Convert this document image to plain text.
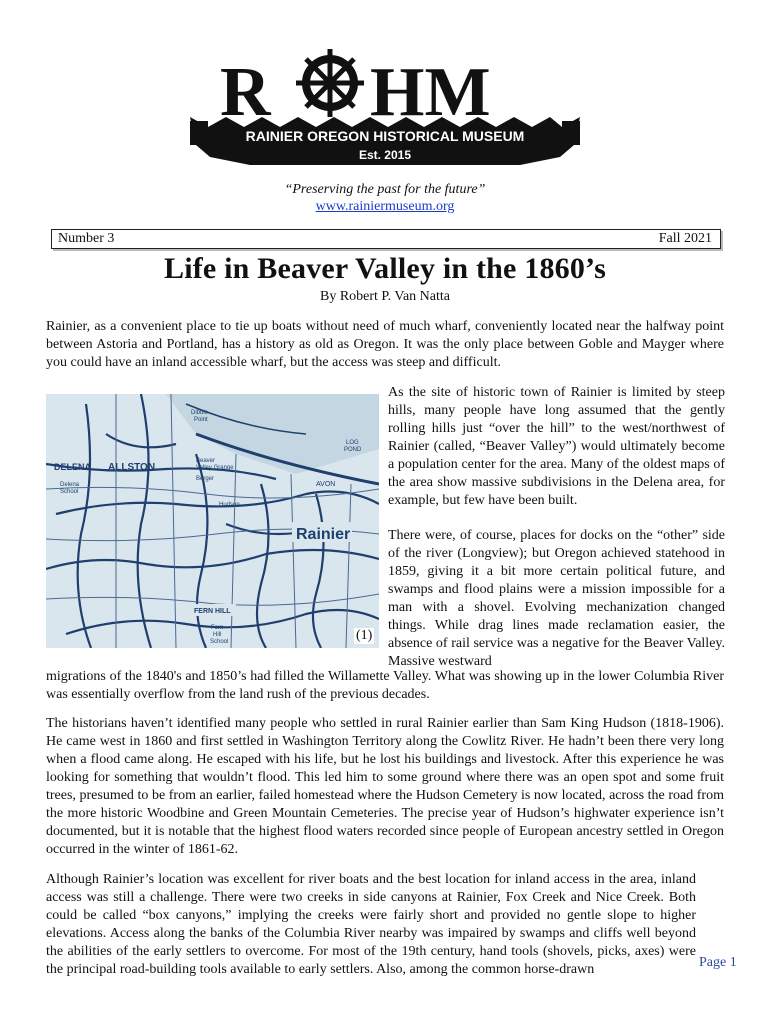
R HM
RAINIER OREGON HISTORICAL MUSEUM
Est. 2015
“Preserving the past for the future”
www.rainiermuseum.org
Number 3	Fall 2021
Life in Beaver Valley in the 1860’s
By Robert P. Van Natta

Rainier, as a convenient place to tie up boats without need of much wharf, conveniently located near the halfway point between Astoria and Portland, has a history as old as Oregon. It was the only place between Goble and Mayger where you could have an inland accessible wharf, but the access was steep and difficult.

As the site of historic town of Rainier is limited by steep hills, many people have long assumed that the gently rolling hills just “over the hill” to the west/northwest of Rainier (called, “Beaver Valley”) would ultimately become a population center for the area. Many of the oldest maps of the area show massive subdivisions in the Delena area, for example, but few have been built.

There were, of course, places for docks on the “other” side of the river (Longview); but Oregon achieved statehood in 1859, giving it a bit more certain political future, and swamps and flood plains were a mission impossible for a man with a shovel. Evolving mechanization changed things. While drag lines made reclamation easier, the absence of rail service was a negative for the Beaver Valley. Massive westward

migrations of the 1840's and 1850’s had filled the Willamette Valley. What was showing up in the lower Columbia River was essentially overflow from the land rush of the previous decades.

The historians haven’t identified many people who settled in rural Rainier earlier than Sam King Hudson (1818-1906). He came west in 1860 and first settled in Washington Territory along the Cowlitz River. He hadn’t been there very long when a flood came along. He escaped with his life, but he lost his buildings and livestock. After this experience he was looking for something that wouldn’t flood. This led him to some ground where there was an open spot and some fruit trees, presumed to be from an earlier, failed homestead where the Hudson Cemetery is now located, across the road from the more historic Woodbine and Green Mountain Cemeteries. The precise year of Hudson’s highwater experience isn’t documented, but it is notable that the highest flood waters recorded since people of European ancestry settled in Oregon occurred in the winter of 1861-62.

Although Rainier’s location was excellent for river boats and the best location for inland access in the area, inland access was still a challenge. There were two creeks in side canyons at Rainier, Fox Creek and Nice Creek. Both could be called “box canyons,” implying the creeks were fairly short and provided no gentle slope to higher elevations. Access along the banks of the Columbia River nearby was impaired by swamps and cliffs well beyond the abilities of the early settlers to overcome. For most of the 19th century, hand tools (shovels, picks, axes) were the principal road-building tools available to early settlers. Also, among the common horse-drawn

Dibble
Point
LOG
POND
DELENA ALLSTON
Beaver
Valley Grange
Delena
School
AVON
Hudson
Berger
Rainier
FERN HILL
Fern
Hill
School	(1)
Page 1
